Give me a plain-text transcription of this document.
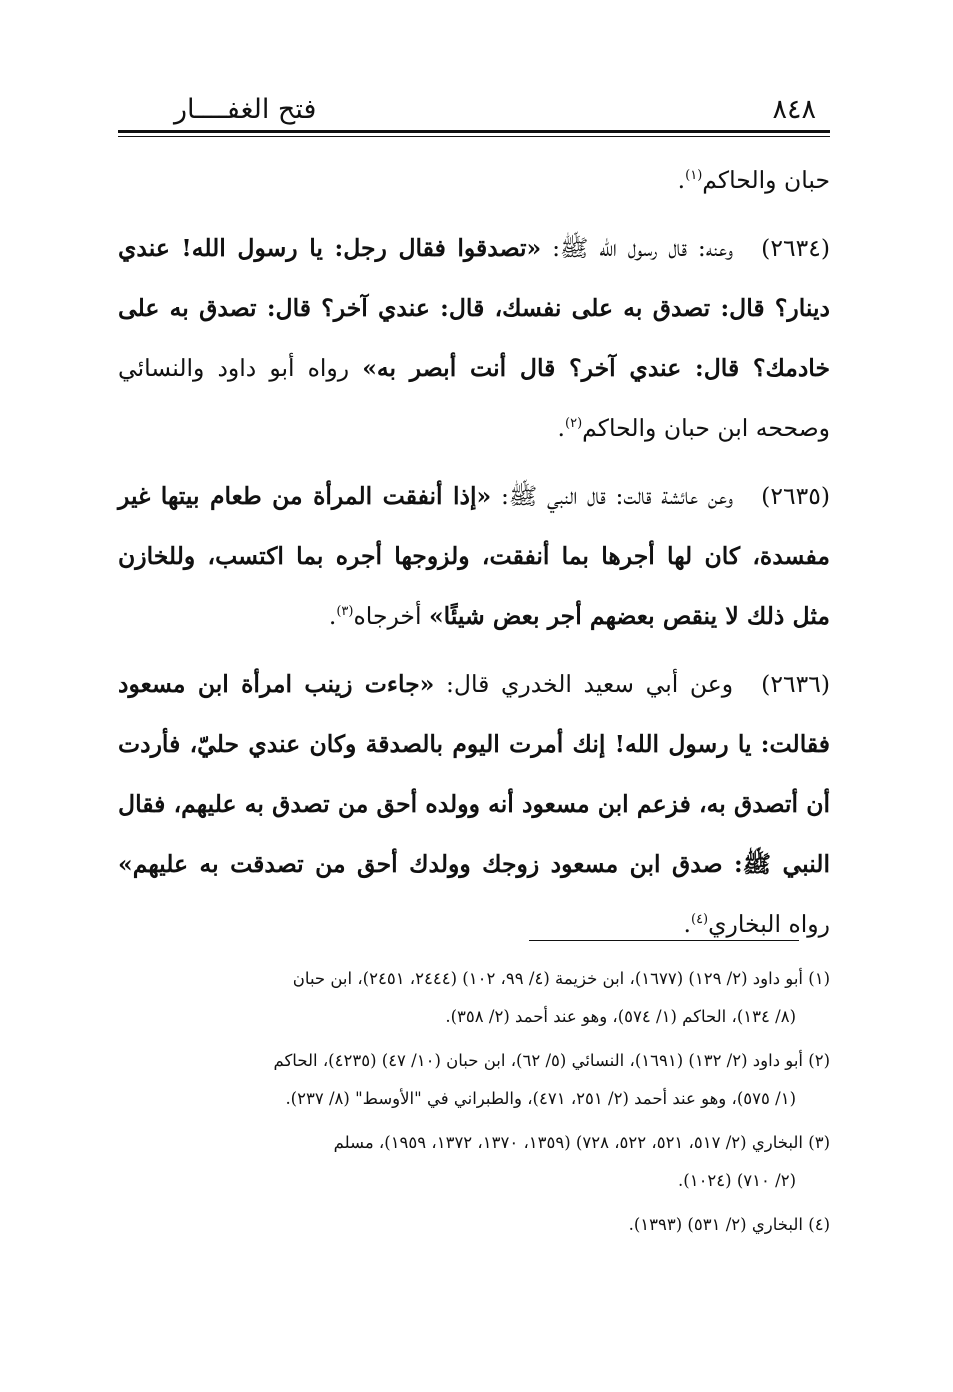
٨٤٨
فتح الغفــــار

حبان والحاكم$^{(١)}$.

(٢٦٣٤)وعنه: قال رسول الله ﷺ: «تصدقوا فقال رجل: يا رسول الله! عندي دينار؟ قال: تصدق به على نفسك، قال: عندي آخر؟ قال: تصدق به على خادمك؟ قال: عندي آخر؟ قال أنت أبصر به» رواه أبو داود والنسائي وصححه ابن حبان والحاكم$^{(٢)}$.

(٢٦٣٥)وعن عائشة قالت: قال النبي ﷺ: «إذا أنفقت المرأة من طعام بيتها غير مفسدة، كان لها أجرها بما أنفقت، ولزوجها أجره بما اكتسب، وللخازن مثل ذلك لا ينقص بعضهم أجر بعض شيئًا» أخرجاه$^{(٣)}$.

(٢٦٣٦)وعن أبي سعيد الخدري قال: «جاءت زينب امرأة ابن مسعود فقالت: يا رسول الله! إنك أمرت اليوم بالصدقة وكان عندي حليّ، فأردت أن أتصدق به، فزعم ابن مسعود أنه وولده أحق من تصدق به عليهم، فقال النبي ﷺ: صدق ابن مسعود زوجك وولدك أحق من تصدقت به عليهم» رواه البخاري$^{(٤)}$.

(١) أبو داود (٢/ ١٢٩) (١٦٧٧)، ابن خزيمة (٤/ ٩٩، ١٠٢) (٢٤٤٤، ٢٤٥١)، ابن حبان
(٨/ ١٣٤)، الحاكم (١/ ٥٧٤)، وهو عند أحمد (٢/ ٣٥٨).
(٢) أبو داود (٢/ ١٣٢) (١٦٩١)، النسائي (٥/ ٦٢)، ابن حبان (١٠/ ٤٧) (٤٢٣٥)، الحاكم
(١/ ٥٧٥)، وهو عند أحمد (٢/ ٢٥١، ٤٧١)، والطبراني في "الأوسط" (٨/ ٢٣٧).
(٣) البخاري (٢/ ٥١٧، ٥٢١، ٥٢٢، ٧٢٨) (١٣٥٩، ١٣٧٠، ١٣٧٢، ١٩٥٩)، مسلم
(٢/ ٧١٠) (١٠٢٤).
(٤) البخاري (٢/ ٥٣١) (١٣٩٣).
